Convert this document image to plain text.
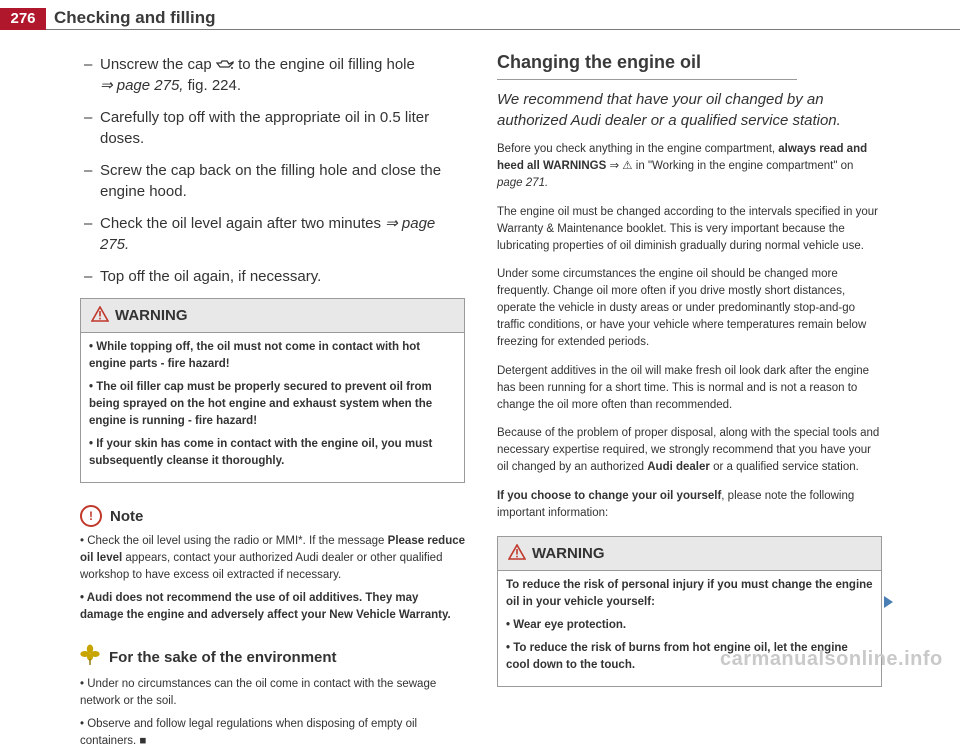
276	Checking and filling
– Unscrew the cap to the engine oil filling hole
⇒ page 275, fig. 224.
– Carefully top off with the appropriate oil in 0.5 liter doses.
– Screw the cap back on the filling hole and close the engine hood.
– Check the oil level again after two minutes ⇒ page 275.
– Top off the oil again, if necessary.
WARNING

• While topping off, the oil must not come in contact with hot engine parts - fire hazard!

• The oil filler cap must be properly secured to prevent oil from being sprayed on the hot engine and exhaust system when the engine is running - fire hazard!

• If your skin has come in contact with the engine oil, you must subsequently cleanse it thoroughly.

!	Note

• Check the oil level using the radio or MMI*. If the message Please reduce oil level appears, contact your authorized Audi dealer or other qualified workshop to have excess oil extracted if necessary.

• Audi does not recommend the use of oil additives. They may damage the engine and adversely affect your New Vehicle Warranty.

For the sake of the environment

• Under no circumstances can the oil come in contact with the sewage network or the soil.

• Observe and follow legal regulations when disposing of empty oil containers. ■

Changing the engine oil
We recommend that have your oil changed by an authorized Audi dealer or a qualified service station.

Before you check anything in the engine compartment, always read and heed all WARNINGS ⇒ ⚠ in "Working in the engine compartment" on page 271.

The engine oil must be changed according to the intervals specified in your Warranty & Maintenance booklet. This is very important because the lubricating properties of oil diminish gradually during normal vehicle use.

Under some circumstances the engine oil should be changed more frequently. Change oil more often if you drive mostly short distances, operate the vehicle in dusty areas or under predominantly stop-and-go traffic conditions, or have your vehicle where temperatures remain below freezing for extended periods.

Detergent additives in the oil will make fresh oil look dark after the engine has been running for a short time. This is normal and is not a reason to change the oil more often than recommended.

Because of the problem of proper disposal, along with the special tools and necessary expertise required, we strongly recommend that you have your oil changed by an authorized Audi dealer or a qualified service station.

If you choose to change your oil yourself, please note the following important information:

WARNING

To reduce the risk of personal injury if you must change the engine oil in your vehicle yourself:

• Wear eye protection.

• To reduce the risk of burns from hot engine oil, let the engine cool down to the touch.	carmanualsonline.info
